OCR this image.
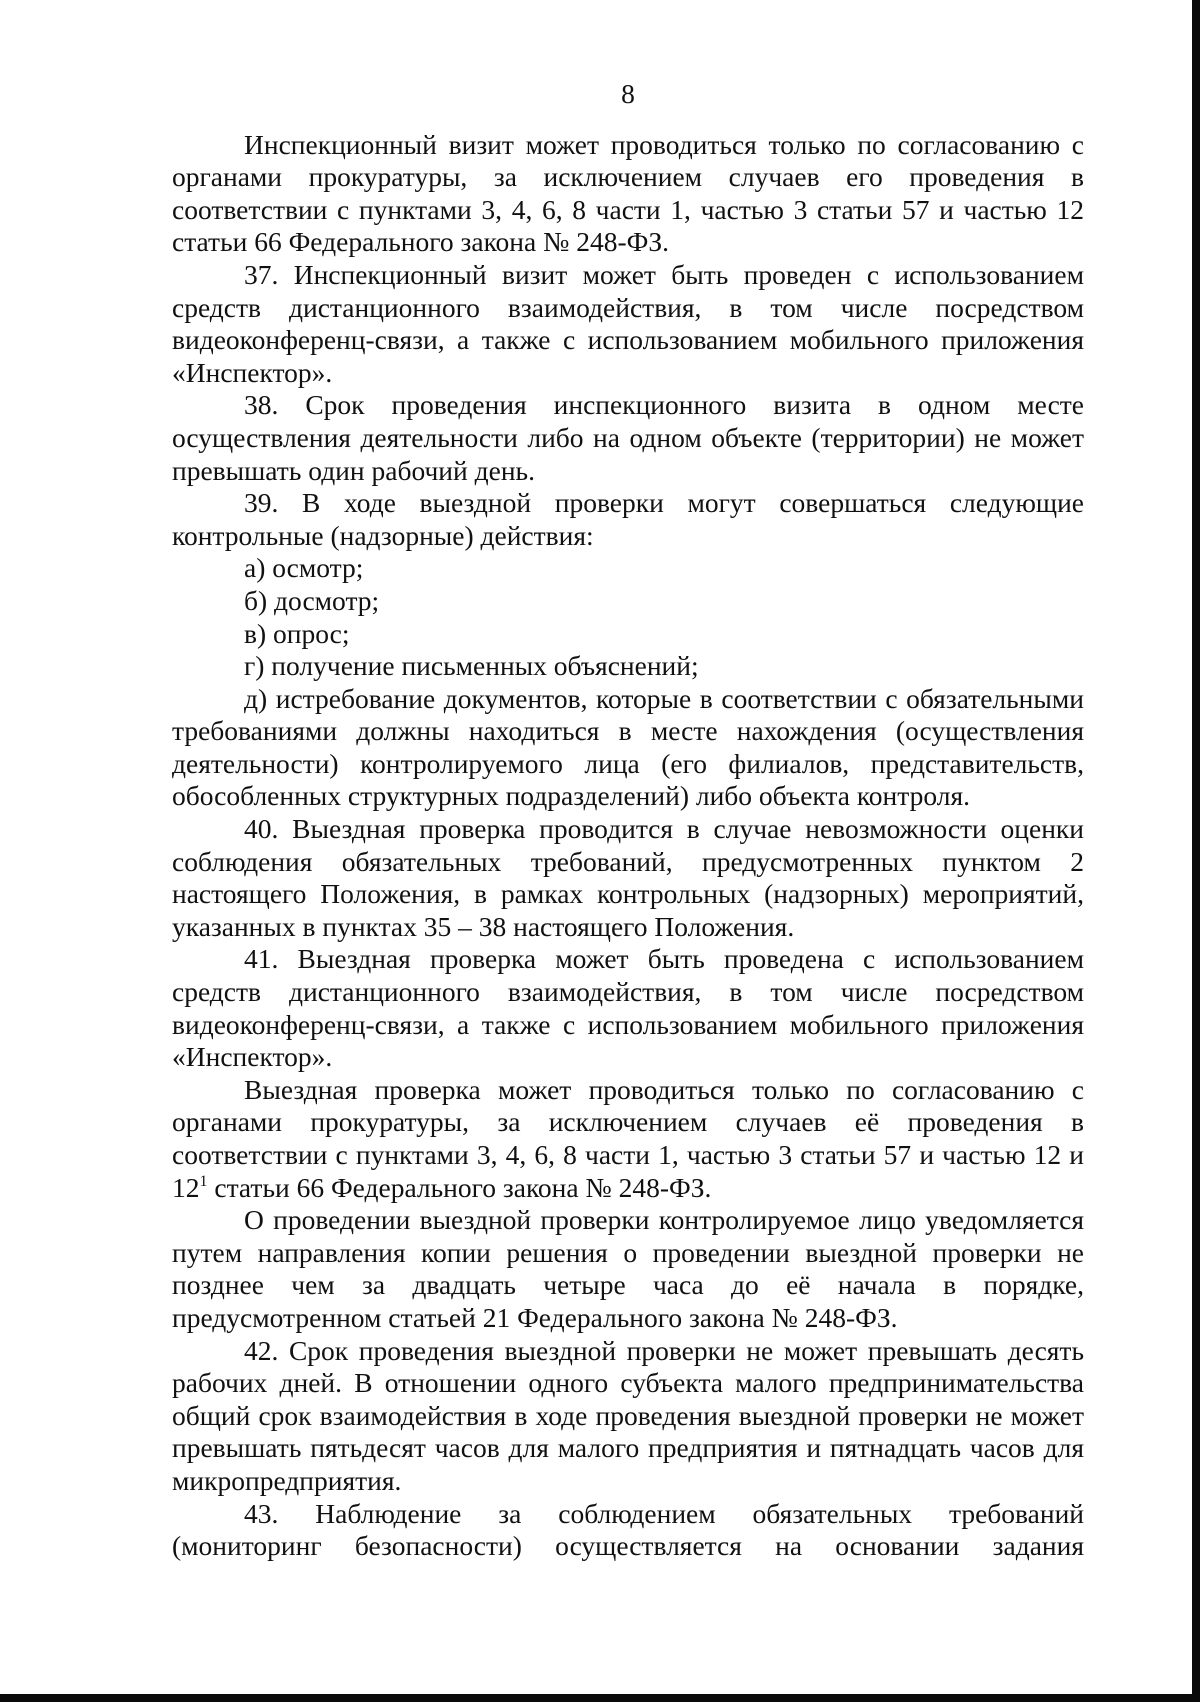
8

Инспекционный визит может проводиться только по согласованию с органами прокуратуры, за исключением случаев его проведения в соответствии с пунктами 3, 4, 6, 8 части 1, частью 3 статьи 57 и частью 12 статьи 66 Федерального закона № 248-ФЗ.

37. Инспекционный визит может быть проведен с использованием средств дистанционного взаимодействия, в том числе посредством видеоконференц-связи, а также с использованием мобильного приложения «Инспектор».

38. Срок проведения инспекционного визита в одном месте осуществления деятельности либо на одном объекте (территории) не может превышать один рабочий день.

39. В ходе выездной проверки могут совершаться следующие контрольные (надзорные) действия:

а) осмотр;

б) досмотр;

в) опрос;

г) получение письменных объяснений;

д) истребование документов, которые в соответствии с обязательными требованиями должны находиться в месте нахождения (осуществления деятельности) контролируемого лица (его филиалов, представительств, обособленных структурных подразделений) либо объекта контроля.

40. Выездная проверка проводится в случае невозможности оценки соблюдения обязательных требований, предусмотренных пунктом 2 настоящего Положения, в рамках контрольных (надзорных) мероприятий, указанных в пунктах 35 – 38 настоящего Положения.

41. Выездная проверка может быть проведена с использованием средств дистанционного взаимодействия, в том числе посредством видеоконференц-связи, а также с использованием мобильного приложения «Инспектор».

Выездная проверка может проводиться только по согласованию с органами прокуратуры, за исключением случаев её проведения в соответствии с пунктами 3, 4, 6, 8 части 1, частью 3 статьи 57 и частью 12 и $12^1$ статьи 66 Федерального закона № 248-ФЗ.

О проведении выездной проверки контролируемое лицо уведомляется путем направления копии решения о проведении выездной проверки не позднее чем за двадцать четыре часа до её начала в порядке, предусмотренном статьей 21 Федерального закона № 248-ФЗ.

42. Срок проведения выездной проверки не может превышать десять рабочих дней. В отношении одного субъекта малого предпринимательства общий срок взаимодействия в ходе проведения выездной проверки не может превышать пятьдесят часов для малого предприятия и пятнадцать часов для микропредприятия.

43. Наблюдение за соблюдением обязательных требований (мониторинг безопасности) осуществляется на основании задания
